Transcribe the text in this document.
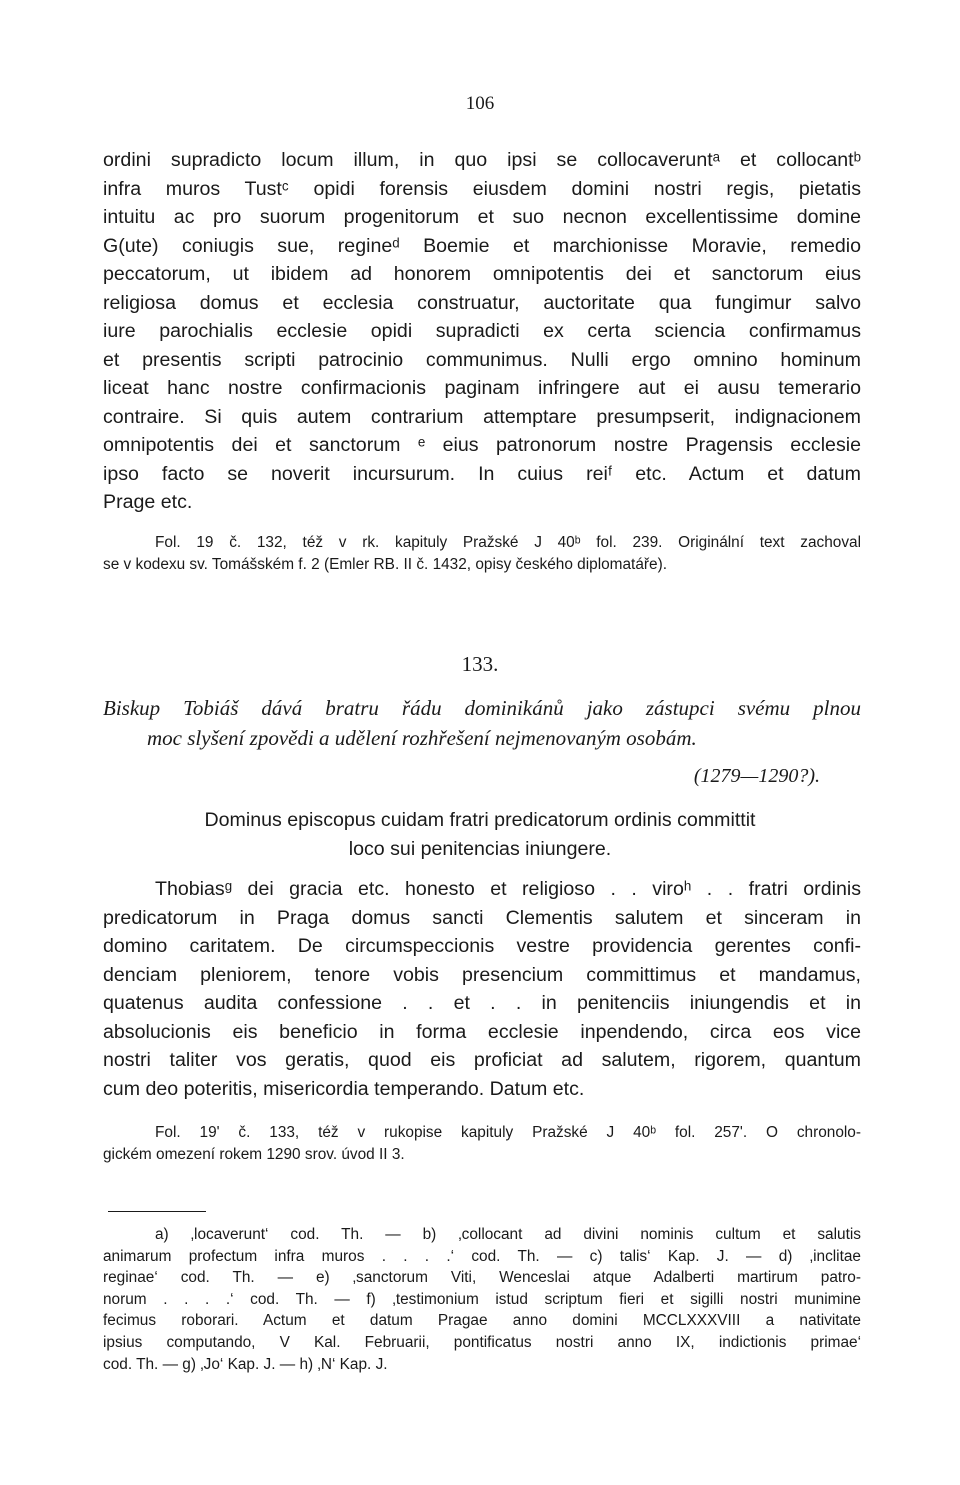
106
ordini supradicto locum illum, in quo ipsi se collocaveruntᵃ et collocantᵇ
infra muros Tustᶜ opidi forensis eiusdem domini nostri regis, pietatis
intuitu ac pro suorum progenitorum et suo necnon excellentissime domine
G(ute) coniugis sue, regineᵈ Boemie et marchionisse Moravie, remedio
peccatorum, ut ibidem ad honorem omnipotentis dei et sanctorum eius
religiosa domus et ecclesia construatur, auctoritate qua fungimur salvo
iure parochialis ecclesie opidi supradicti ex certa sciencia confirmamus
et presentis scripti patrocinio communimus. Nulli ergo omnino hominum
liceat hanc nostre confirmacionis paginam infringere aut ei ausu temerario
contraire. Si quis autem contrarium attemptare presumpserit, indignacionem
omnipotentis dei et sanctorum ᵉ eius patronorum nostre Pragensis ecclesie
ipso facto se noverit incursurum. In cuius reiᶠ etc. Actum et datum
Prage etc.
Fol. 19 č. 132, též v rk. kapituly Pražské J 40ᵇ fol. 239. Originální text zachoval
se v kodexu sv. Tomášském f. 2 (Emler RB. II č. 1432, opisy českého diplomatáře).
133.
Biskup Tobiáš dává bratru řádu dominikánů jako zástupci svému plnou
moc slyšení zpovědi a udělení rozhřešení nejmenovaným osobám.
(1279—1290?).
Dominus episcopus cuidam fratri predicatorum ordinis committit
loco sui penitencias iniungere.
Thobiasᵍ dei gracia etc. honesto et religioso . . viroʰ . . fratri ordinis
predicatorum in Praga domus sancti Clementis salutem et sinceram in
domino caritatem. De circumspeccionis vestre providencia gerentes confi-
denciam pleniorem, tenore vobis presencium committimus et mandamus,
quatenus audita confessione . . et . . in penitenciis iniungendis et in
absolucionis eis beneficio in forma ecclesie inpendendo, circa eos vice
nostri taliter vos geratis, quod eis proficiat ad salutem, rigorem, quantum
cum deo poteritis, misericordia temperando. Datum etc.
Fol. 19' č. 133, též v rukopise kapituly Pražské J 40ᵇ fol. 257'. O chronolo-
gickém omezení rokem 1290 srov. úvod II 3.
a) ‚locaverunt‘ cod. Th. — b) ‚collocant ad divini nominis cultum et salutis
animarum profectum infra muros . . . .‘ cod. Th. — c) talis‘ Kap. J. — d) ‚inclitae
reginae‘ cod. Th. — e) ‚sanctorum Viti, Wenceslai atque Adalberti martirum patro-
norum . . . .‘ cod. Th. — f) ‚testimonium istud scriptum fieri et sigilli nostri munimine
fecimus roborari. Actum et datum Pragae anno domini MCCLXXXVIII a nativitate
ipsius computando, V Kal. Februarii, pontificatus nostri anno IX, indictionis primae‘
cod. Th. — g) ‚Jo‘ Kap. J. — h) ‚N‘ Kap. J.
